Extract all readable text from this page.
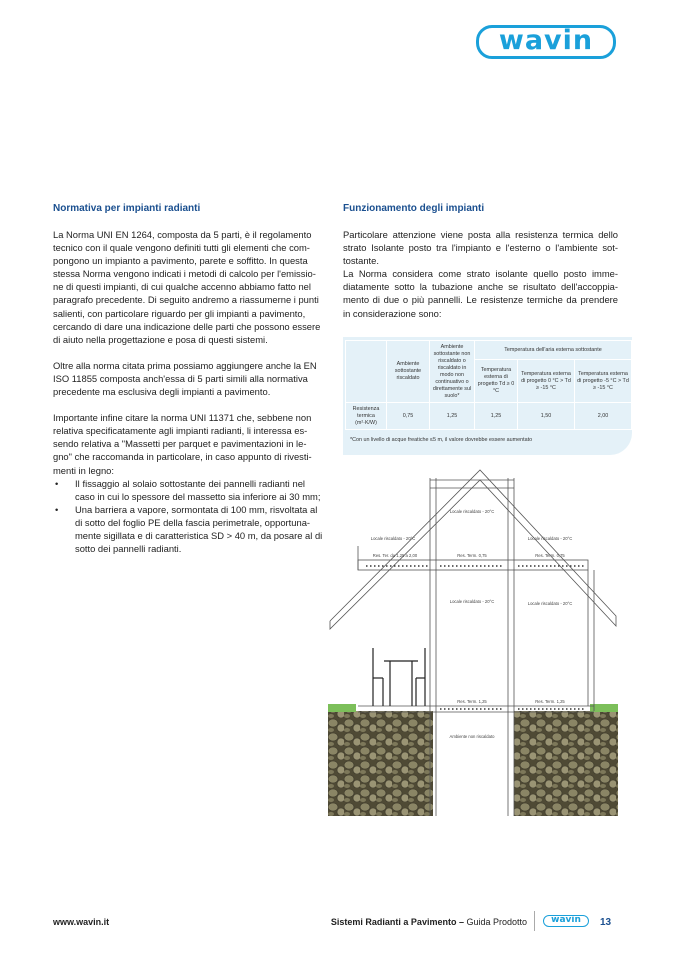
wavin
Normativa per impianti radianti
La Norma UNI EN 1264, composta da 5 parti, è il regolamento
tecnico con il quale vengono definiti tutti gli elementi che com-
pongono un impianto a pavimento, parete e soffitto. In questa
stessa Norma vengono indicati i metodi di calcolo per l'emissio-
ne di questi impianti, di cui qualche accenno abbiamo fatto nel
paragrafo precedente. Di seguito andremo a riassumerne i punti
salienti, con particolare riguardo per gli impianti a pavimento,
cercando di dare una indicazione delle parti che possono essere
di aiuto nella progettazione e posa di questi sistemi.
Oltre alla norma citata prima possiamo aggiungere anche la EN
ISO 11855 composta anch'essa di 5 parti simili alla normativa
precedente ma esclusiva degli impianti a pavimento.
Importante infine citare la norma UNI 11371 che, sebbene non
relativa specificatamente agli impianti radianti, li interessa es-
sendo relativa a "Massetti per parquet e pavimentazioni in le-
gno" che raccomanda in particolare, in caso appunto di rivesti-
menti in legno:
• Il fissaggio al solaio sottostante dei pannelli radianti nel
caso in cui lo spessore del massetto sia inferiore ai 30 mm;
• Una barriera a vapore, sormontata di 100 mm, risvoltata al
di sotto del foglio PE della fascia perimetrale, opportuna-
mente sigillata e di caratteristica SD > 40 m, da posare al di
sotto dei pannelli radianti.
Funzionamento degli impianti
Particolare attenzione viene posta alla resistenza termica dello
strato Isolante posto tra l'impianto e l'esterno o l'ambiente sot-
tostante.
La Norma considera come strato isolante quello posto imme-
diatamente sotto la tubazione anche se risultato dell'accoppia-
mento di due o più pannelli. Le resistenze termiche da prendere
in considerazione sono:
	Ambiente sottostante riscaldato	Ambiente sottostante non riscaldato o riscaldato in modo non continuativo o direttamente sul suolo*	Temperatura dell'aria esterna sottostante		
			Temperatura esterna di progetto Td ≥ 0 °C	Temperatura esterna di progetto 0 °C > Td ≥ -15 °C	Temperatura esterna di progetto -5 °C > Td ≥ -15 °C
Resistenza termica (m²·K/W)	0,75	1,25	1,25	1,50	2,00
*Con un livello di acque freatiche ≤5 m, il valore dovrebbe essere aumentato
Locale riscaldato - 20°C
Locale riscaldato - 20°C	Locale riscaldato - 20°C
Res. Ter. da 1,25 a 2,00	Res. Term. 0,75	Res. Term. 0,75
Locale riscaldato - 20°C	Locale riscaldato - 20°C
Res. Term. 1,25	Res. Term. 1,25
Ambiente non riscaldato
www.wavin.it	Sistemi Radianti a Pavimento – Guida Prodotto	wavin 13
